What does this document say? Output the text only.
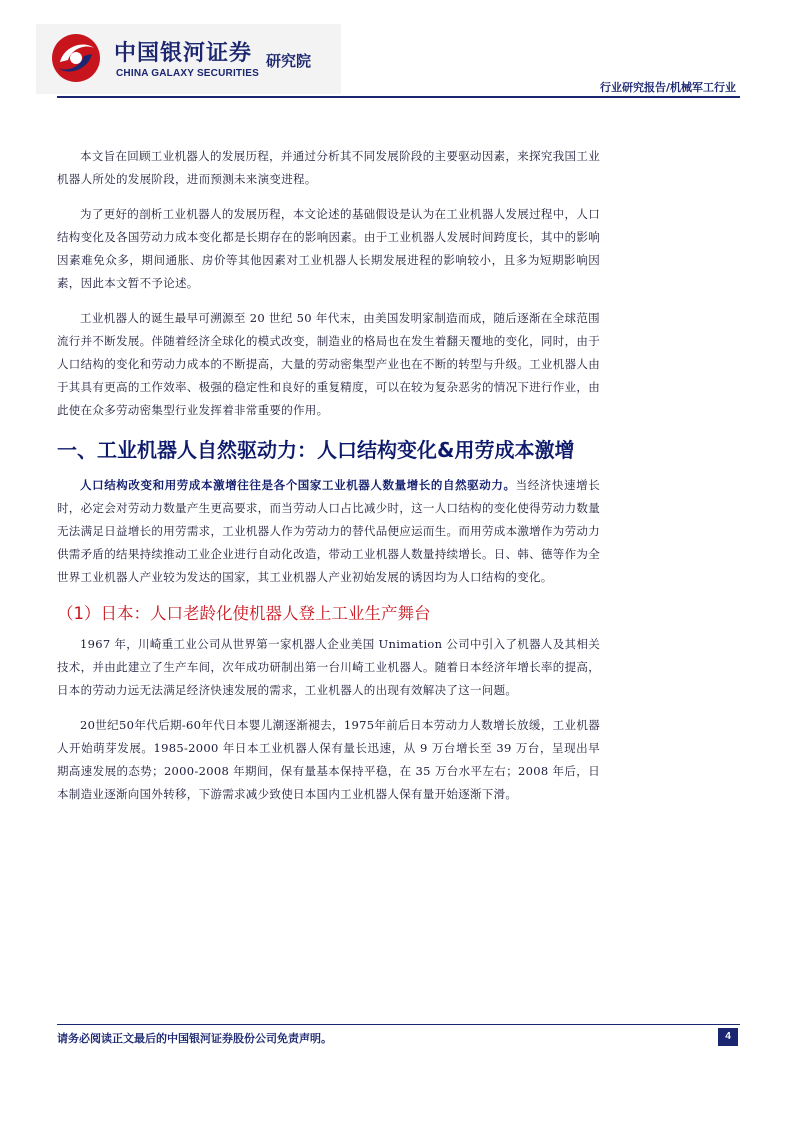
中国银河证券
CHINA GALAXY SECURITIES
研究院
行业研究报告/机械军工行业

本文旨在回顾工业机器人的发展历程，并通过分析其不同发展阶段的主要驱动因素，来探究我国工业机器人所处的发展阶段，进而预测未来演变进程。

为了更好的剖析工业机器人的发展历程，本文论述的基础假设是认为在工业机器人发展过程中，人口结构变化及各国劳动力成本变化都是长期存在的影响因素。由于工业机器人发展时间跨度长，其中的影响因素难免众多，期间通胀、房价等其他因素对工业机器人长期发展进程的影响较小，且多为短期影响因素，因此本文暂不予论述。

工业机器人的诞生最早可溯源至 20 世纪 50 年代末，由美国发明家制造而成，随后逐渐在全球范围流行并不断发展。伴随着经济全球化的模式改变，制造业的格局也在发生着翻天覆地的变化，同时，由于人口结构的变化和劳动力成本的不断提高，大量的劳动密集型产业也在不断的转型与升级。工业机器人由于其具有更高的工作效率、极强的稳定性和良好的重复精度，可以在较为复杂恶劣的情况下进行作业，由此使在众多劳动密集型行业发挥着非常重要的作用。

一、工业机器人自然驱动力：人口结构变化&用劳成本激增

人口结构改变和用劳成本激增往往是各个国家工业机器人数量增长的自然驱动力。当经济快速增长时，必定会对劳动力数量产生更高要求，而当劳动人口占比减少时，这一人口结构的变化使得劳动力数量无法满足日益增长的用劳需求，工业机器人作为劳动力的替代品便应运而生。而用劳成本激增作为劳动力供需矛盾的结果持续推动工业企业进行自动化改造，带动工业机器人数量持续增长。日、韩、德等作为全世界工业机器人产业较为发达的国家，其工业机器人产业初始发展的诱因均为人口结构的变化。

（1）日本：人口老龄化使机器人登上工业生产舞台

1967 年，川崎重工业公司从世界第一家机器人企业美国 Unimation 公司中引入了机器人及其相关技术，并由此建立了生产车间，次年成功研制出第一台川崎工业机器人。随着日本经济年增长率的提高，日本的劳动力远无法满足经济快速发展的需求，工业机器人的出现有效解决了这一问题。

20世纪50年代后期-60年代日本婴儿潮逐渐褪去，1975年前后日本劳动力人数增长放缓，工业机器人开始萌芽发展。1985-2000 年日本工业机器人保有量长迅速，从 9 万台增长至 39 万台，呈现出早期高速发展的态势；2000-2008 年期间，保有量基本保持平稳，在 35 万台水平左右；2008 年后，日本制造业逐渐向国外转移，下游需求减少致使日本国内工业机器人保有量开始逐渐下滑。

请务必阅读正文最后的中国银河证券股份公司免责声明。	4
